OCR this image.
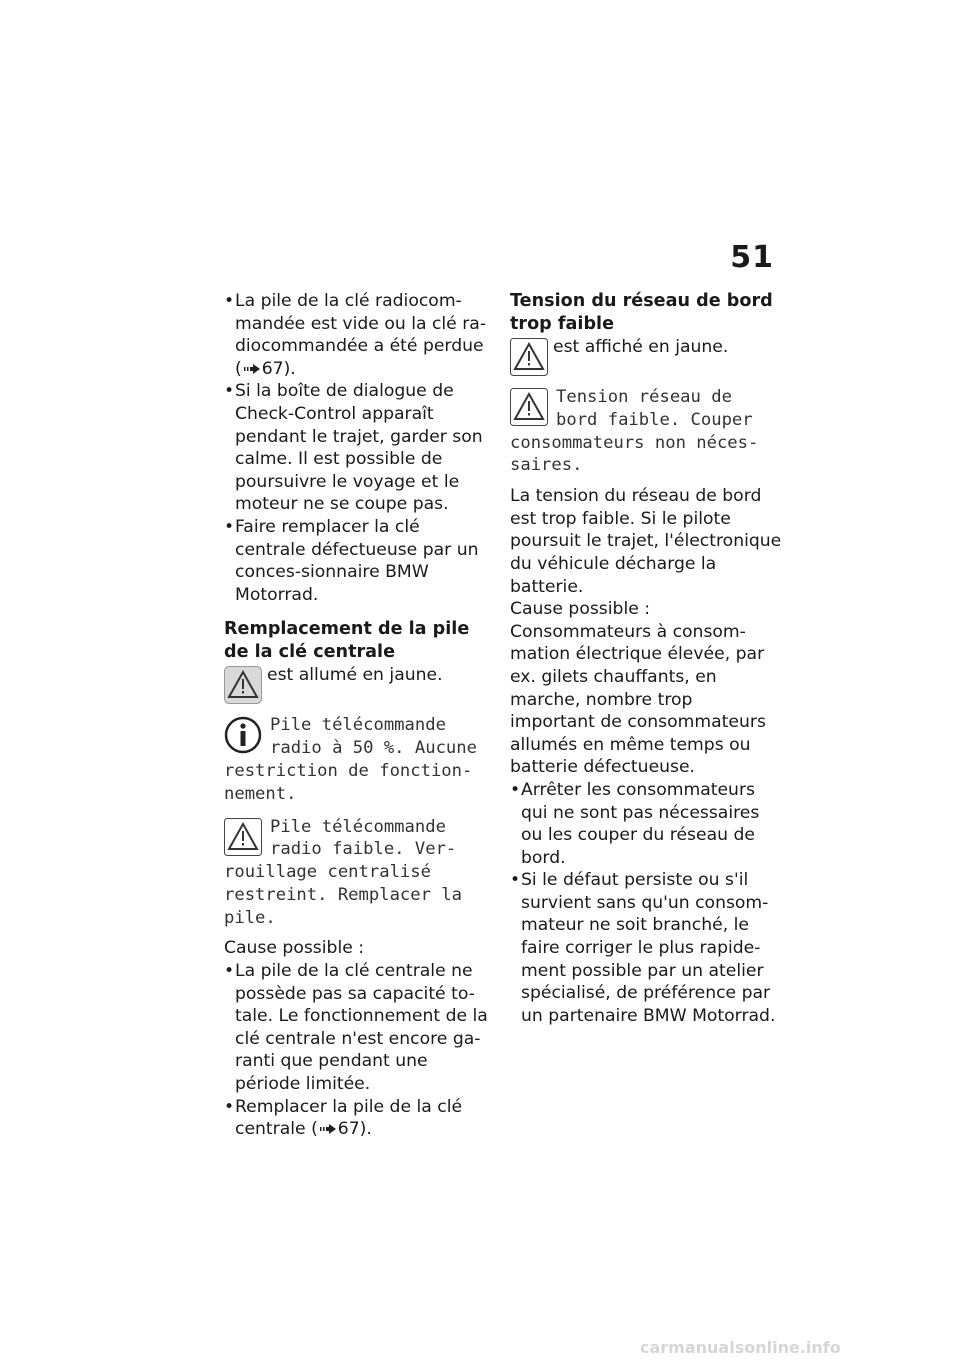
51
• La pile de la clé radiocom-mandée est vide ou la clé ra-diocommandée a été perdue ( 67).
• Si la boîte de dialogue de Check-Control apparaît pendant le trajet, garder son calme. Il est possible de poursuivre le voyage et le moteur ne se coupe pas.
• Faire remplacer la clé centrale défectueuse par un conces-sionnaire BMW Motorrad.
Remplacement de la pile de la clé centrale
est allumé en jaune.
Pile télécommande radio à 50 %. Aucune restriction de fonction-nement.
Pile télécommande radio faible. Ver-rouillage centralisé restreint. Remplacer la pile.

Cause possible :

• La pile de la clé centrale ne possède pas sa capacité to-tale. Le fonctionnement de la clé centrale n'est encore ga-ranti que pendant une période limitée.
• Remplacer la pile de la clé centrale ( 67).
Tension du réseau de bord trop faible
est affiché en jaune.
Tension réseau de bord faible. Couper consommateurs non néces-saires.

La tension du réseau de bord est trop faible. Si le pilote poursuit le trajet, l'électronique du véhicule décharge la batterie.

Cause possible :

Consommateurs à consom-mation électrique élevée, par ex. gilets chauffants, en marche, nombre trop important de consommateurs allumés en même temps ou batterie défectueuse.

• Arrêter les consommateurs qui ne sont pas nécessaires ou les couper du réseau de bord.
• Si le défaut persiste ou s'il survient sans qu'un consom-mateur ne soit branché, le faire corriger le plus rapide-ment possible par un atelier spécialisé, de préférence par un partenaire BMW Motorrad.
carmanualsonline.info
